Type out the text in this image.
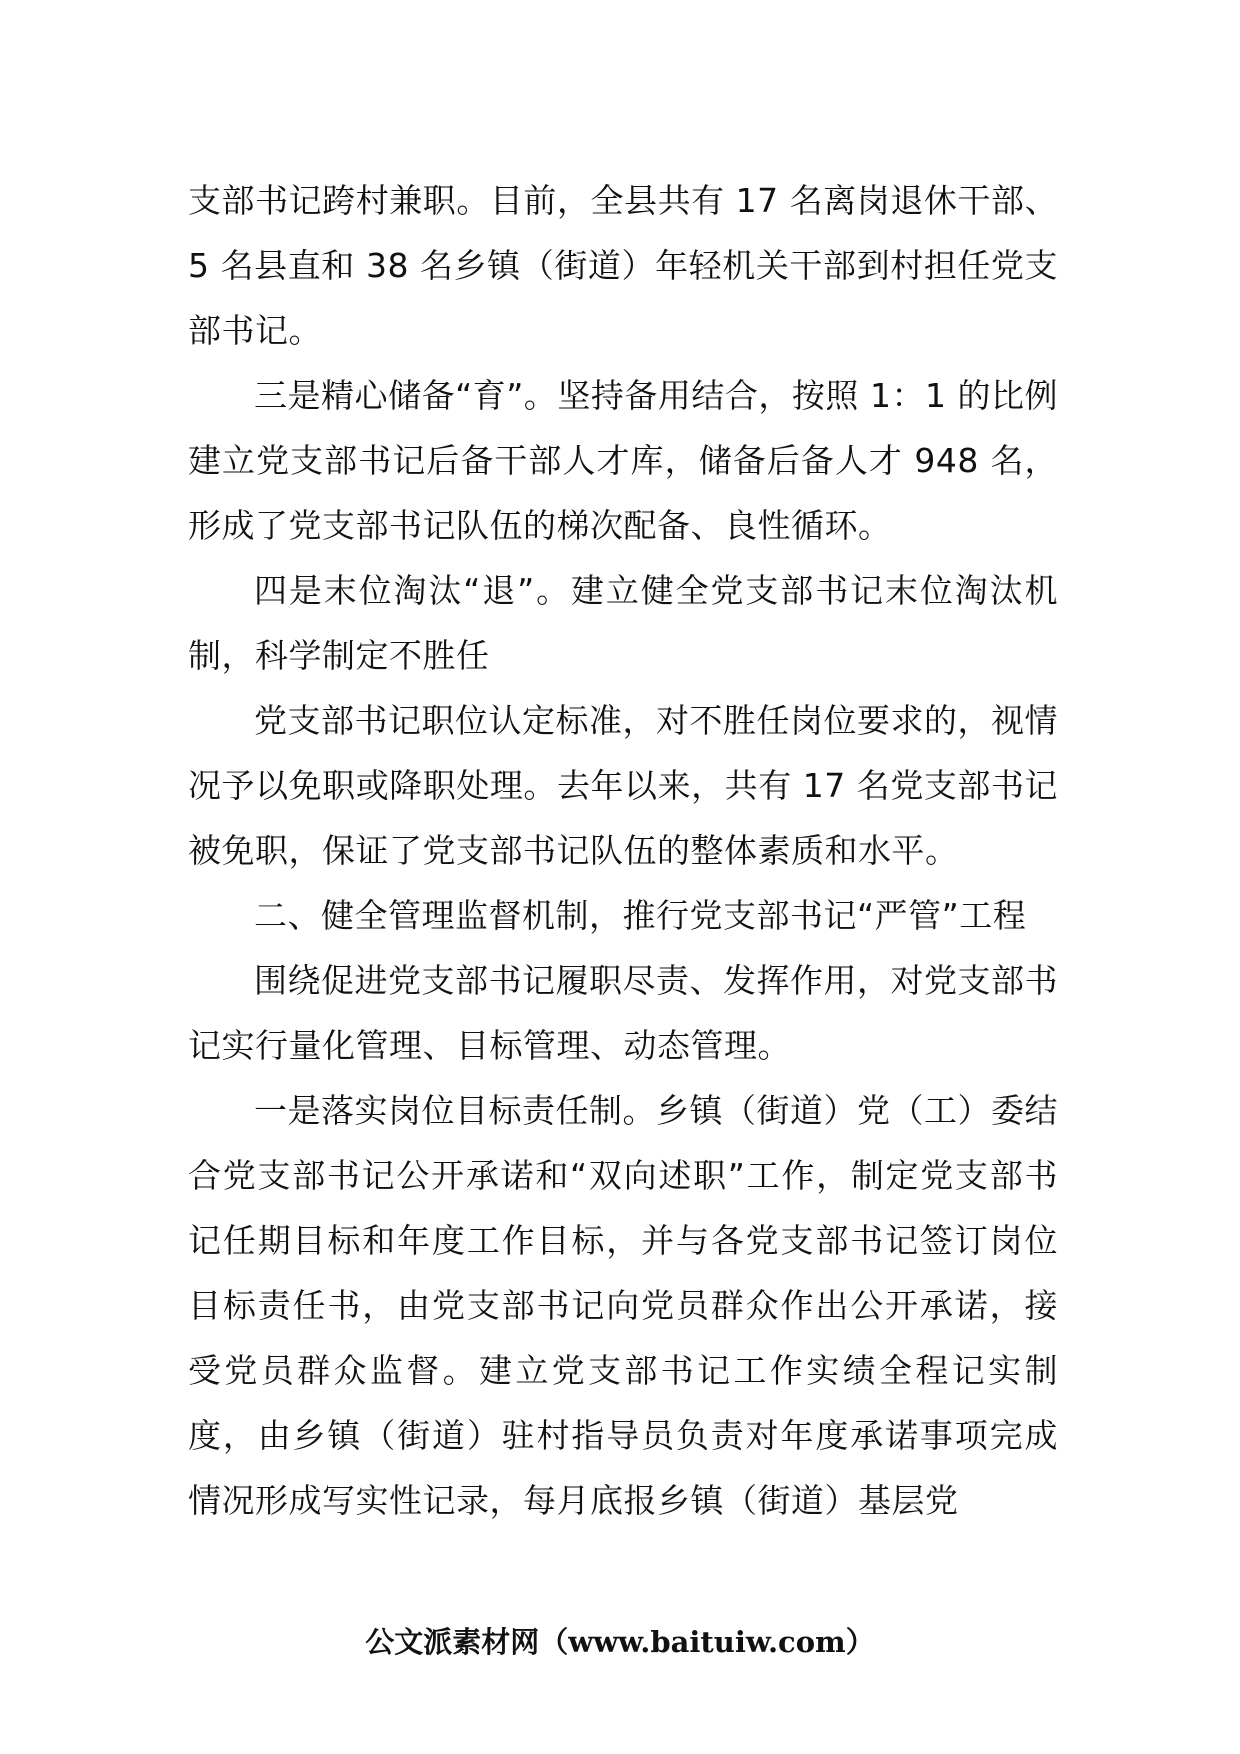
支部书记跨村兼职。目前，全县共有 17 名离岗退休干部、5 名县直和 38 名乡镇（街道）年轻机关干部到村担任党支部书记。

三是精心储备“育”。坚持备用结合，按照 1：1 的比例建立党支部书记后备干部人才库，储备后备人才 948 名，形成了党支部书记队伍的梯次配备、良性循环。

四是末位淘汰“退”。建立健全党支部书记末位淘汰机制，科学制定不胜任

党支部书记职位认定标准，对不胜任岗位要求的，视情况予以免职或降职处理。去年以来，共有 17 名党支部书记被免职，保证了党支部书记队伍的整体素质和水平。

二、健全管理监督机制，推行党支部书记“严管”工程

围绕促进党支部书记履职尽责、发挥作用，对党支部书记实行量化管理、目标管理、动态管理。

一是落实岗位目标责任制。乡镇（街道）党（工）委结合党支部书记公开承诺和“双向述职”工作，制定党支部书记任期目标和年度工作目标，并与各党支部书记签订岗位目标责任书，由党支部书记向党员群众作出公开承诺，接受党员群众监督。建立党支部书记工作实绩全程记实制度，由乡镇（街道）驻村指导员负责对年度承诺事项完成情况形成写实性记录，每月底报乡镇（街道）基层党

公文派素材网（www.baituiw.com）
